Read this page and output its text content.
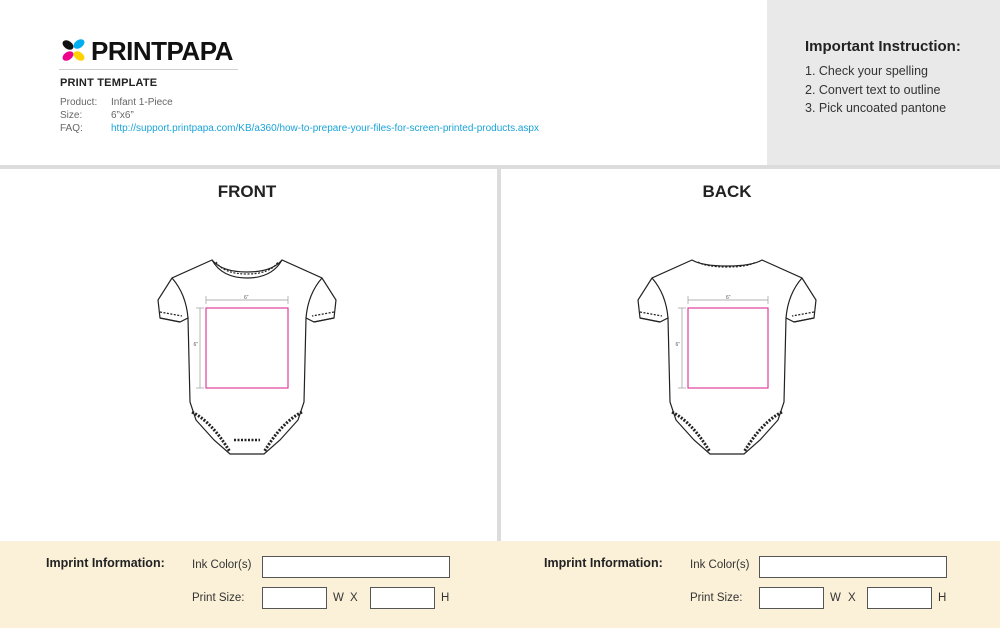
PRINTPAPA
PRINT TEMPLATE
Product:	Infant 1-Piece
Size:	6”x6”
FAQ:	http://support.printpapa.com/KB/a360/how-to-prepare-your-files-for-screen-printed-products.aspx
Important Instruction:
1. Check your spelling
2. Convert text to outline
3. Pick uncoated pantone
FRONT	BACK
6”
6”
6”
6”
Imprint Information: Ink Color(s)
Print Size:	W X	H
Imprint Information: Ink Color(s)
Print Size:	W X	H
